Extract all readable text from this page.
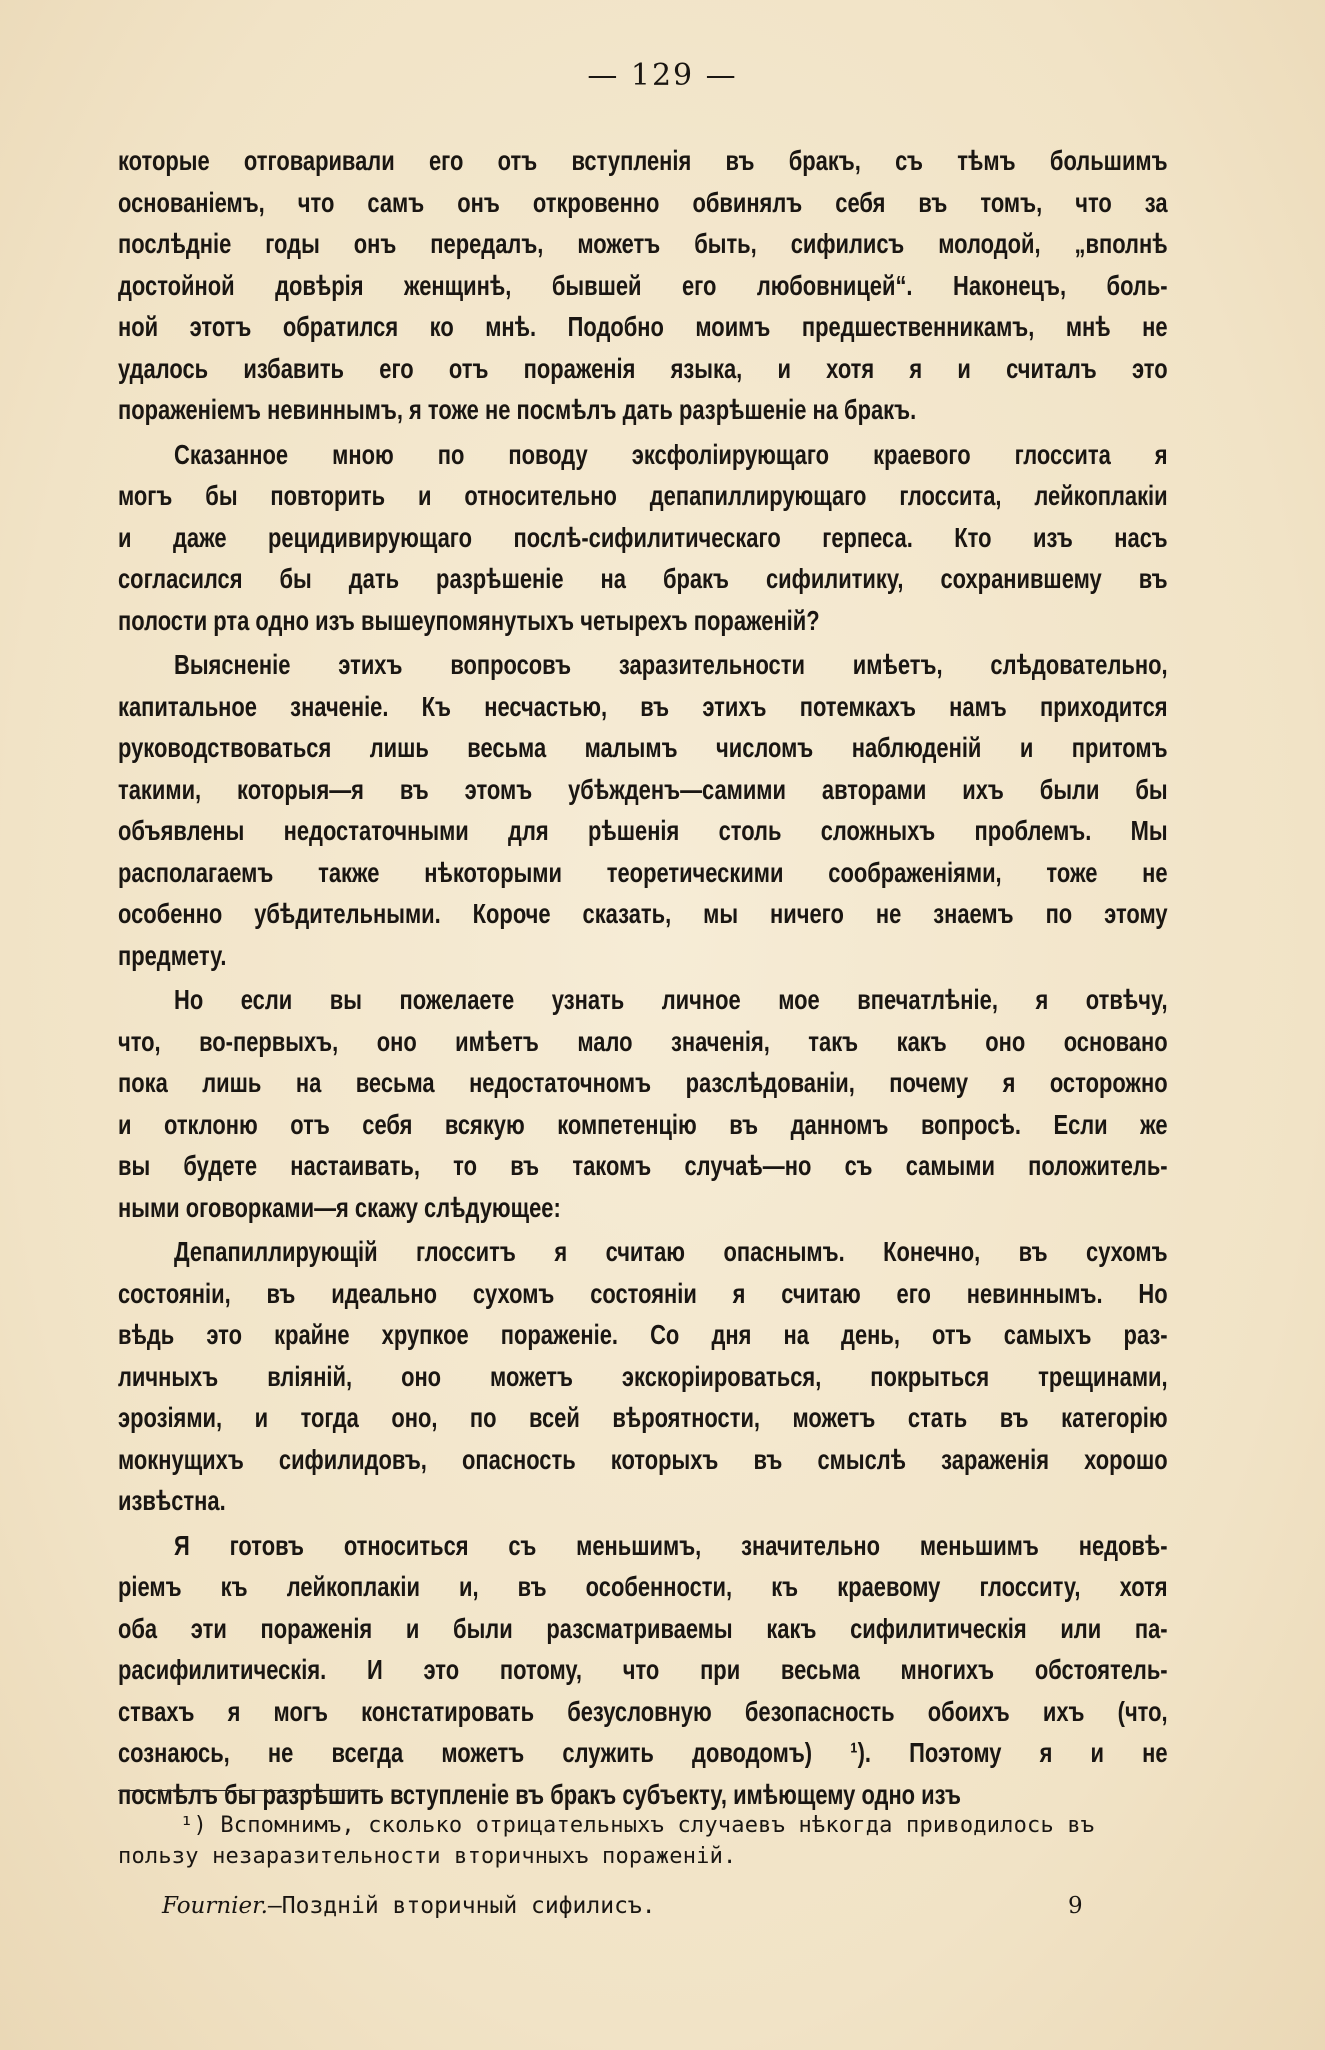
— 129 —
которые отговаривали его отъ вступленія въ бракъ, съ тѣмъ большимъ
основаніемъ, что самъ онъ откровенно обвинялъ себя въ томъ, что за
послѣдніе годы онъ передалъ, можетъ быть, сифилисъ молодой, „вполнѣ
достойной довѣрія женщинѣ, бывшей его любовницей“. Наконецъ, боль-
ной этотъ обратился ко мнѣ. Подобно моимъ предшественникамъ, мнѣ не
удалось избавить его отъ пораженія языка, и хотя я и считалъ это
пораженіемъ невиннымъ, я тоже не посмѣлъ дать разрѣшеніе на бракъ.
Сказанное мною по поводу эксфоліирующаго краевого глоссита я
могъ бы повторить и относительно депапиллирующаго глоссита, лейкоплакіи
и даже рецидивирующаго послѣ-сифилитическаго герпеса. Кто изъ насъ
согласился бы дать разрѣшеніе на бракъ сифилитику, сохранившему въ
полости рта одно изъ вышеупомянутыхъ четырехъ пораженій?
Выясненіе этихъ вопросовъ заразительности имѣетъ, слѣдовательно,
капитальное значеніе. Къ несчастью, въ этихъ потемкахъ намъ приходится
руководствоваться лишь весьма малымъ числомъ наблюденій и притомъ
такими, которыя—я въ этомъ убѣжденъ—самими авторами ихъ были бы
объявлены недостаточными для рѣшенія столь сложныхъ проблемъ. Мы
располагаемъ также нѣкоторыми теоретическими соображеніями, тоже не
особенно убѣдительными. Короче сказать, мы ничего не знаемъ по этому
предмету.
Но если вы пожелаете узнать личное мое впечатлѣніе, я отвѣчу,
что, во-первыхъ, оно имѣетъ мало значенія, такъ какъ оно основано
пока лишь на весьма недостаточномъ разслѣдованіи, почему я осторожно
и отклоню отъ себя всякую компетенцію въ данномъ вопросѣ. Если же
вы будете настаивать, то въ такомъ случаѣ—но съ самыми положитель-
ными оговорками—я скажу слѣдующее:
Депапиллирующій глосситъ я считаю опаснымъ. Конечно, въ сухомъ
состояніи, въ идеально сухомъ состояніи я считаю его невиннымъ. Но
вѣдь это крайне хрупкое пораженіе. Со дня на день, отъ самыхъ раз-
личныхъ вліяній, оно можетъ экскоріироваться, покрыться трещинами,
эрозіями, и тогда оно, по всей вѣроятности, можетъ стать въ категорію
мокнущихъ сифилидовъ, опасность которыхъ въ смыслѣ зараженія хорошо
извѣстна.
Я готовъ относиться съ меньшимъ, значительно меньшимъ недовѣ-
ріемъ къ лейкоплакіи и, въ особенности, къ краевому глосситу, хотя
оба эти пораженія и были разсматриваемы какъ сифилитическія или па-
расифилитическія. И это потому, что при весьма многихъ обстоятель-
ствахъ я могъ констатировать безусловную безопасность обоихъ ихъ (что,
сознаюсь, не всегда можетъ служить доводомъ) ¹). Поэтому я и не
посмѣлъ бы разрѣшить вступленіе въ бракъ субъекту, имѣющему одно изъ
¹) Вспомнимъ, сколько отрицательныхъ случаевъ нѣкогда приводилось въ
пользу незаразительности вторичныхъ пораженій.
Fournier.—Поздній вторичный сифилисъ.	9
